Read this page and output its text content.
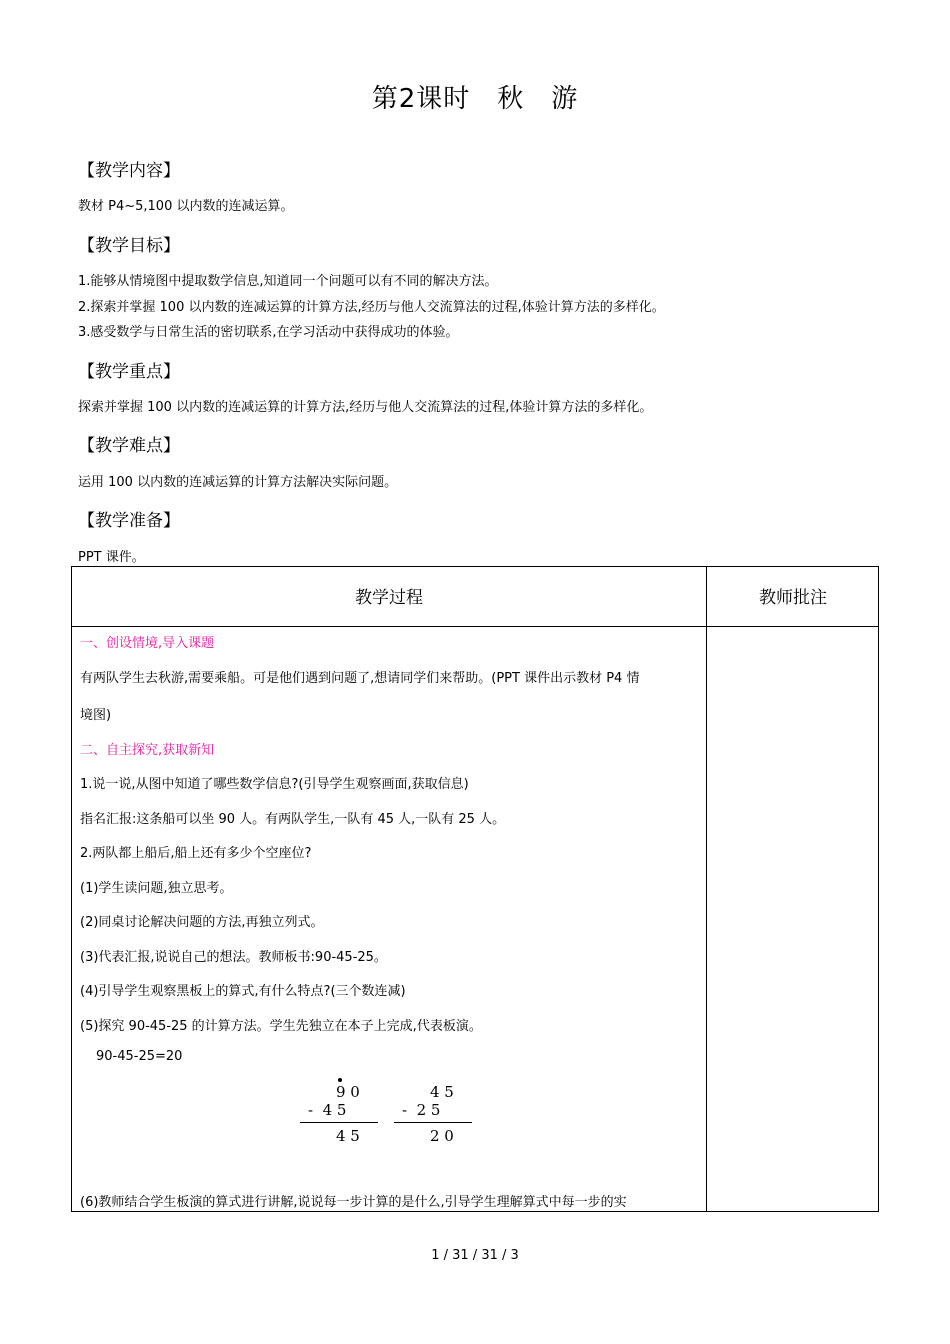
第2课时　秋　游
【教学内容】
教材 P4~5,100 以内数的连减运算。
【教学目标】
1.能够从情境图中提取数学信息,知道同一个问题可以有不同的解决方法。
2.探索并掌握 100 以内数的连减运算的计算方法,经历与他人交流算法的过程,体验计算方法的多样化。
3.感受数学与日常生活的密切联系,在学习活动中获得成功的体验。
【教学重点】
探索并掌握 100 以内数的连减运算的计算方法,经历与他人交流算法的过程,体验计算方法的多样化。
【教学难点】
运用 100 以内数的连减运算的计算方法解决实际问题。
【教学准备】
PPT 课件。
教学过程	教师批注
一、创设情境,导入课题
有两队学生去秋游,需要乘船。可是他们遇到问题了,想请同学们来帮助。(PPT 课件出示教材 P4 情
境图)
二、自主探究,获取新知
1.说一说,从图中知道了哪些数学信息?(引导学生观察画面,获取信息)
指名汇报:这条船可以坐 90 人。有两队学生,一队有 45 人,一队有 25 人。
2.两队都上船后,船上还有多少个空座位?
(1)学生读问题,独立思考。
(2)同桌讨论解决问题的方法,再独立列式。
(3)代表汇报,说说自己的想法。教师板书:90-45-25。
(4)引导学生观察黑板上的算式,有什么特点?(三个数连减)
(5)探究 90-45-25 的计算方法。学生先独立在本子上完成,代表板演。
90-45-25=20
9 0
-  4 5
4 5
4 5
-  2 5
2 0
(6)教师结合学生板演的算式进行讲解,说说每一步计算的是什么,引导学生理解算式中每一步的实
1 / 31 / 31 / 3
